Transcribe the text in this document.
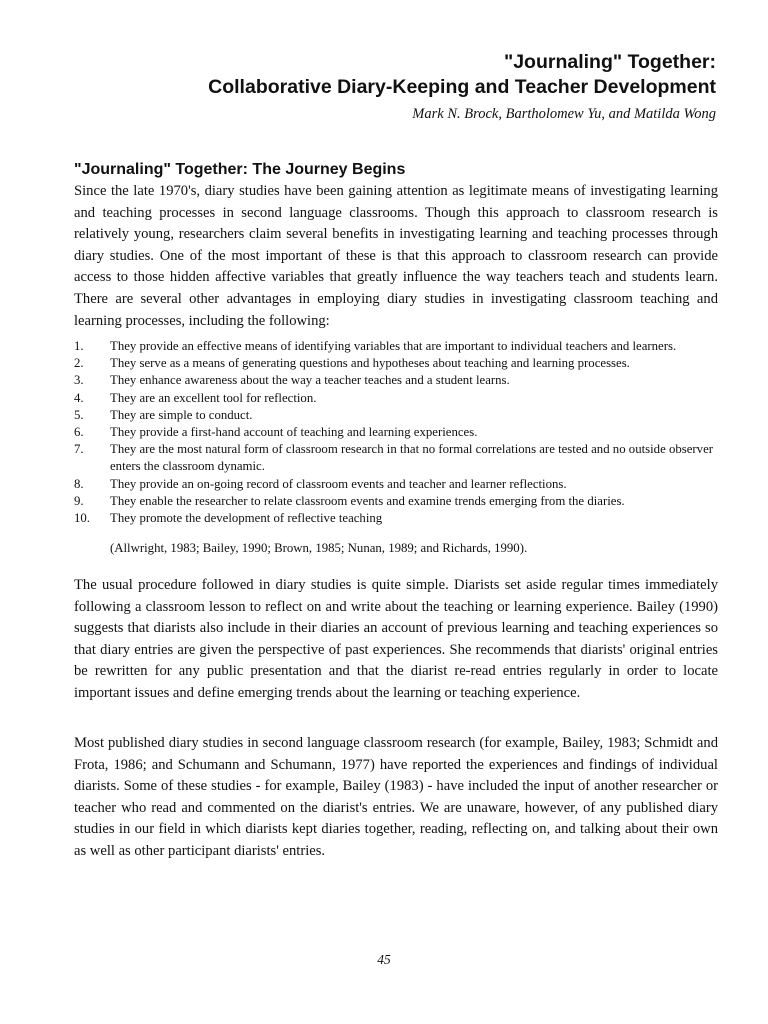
"Journaling" Together:
Collaborative Diary-Keeping and Teacher Development
Mark N. Brock, Bartholomew Yu, and Matilda Wong
"Journaling" Together: The Journey Begins

Since the late 1970's, diary studies have been gaining attention as legitimate means of investigating learning and teaching processes in second language classrooms. Though this approach to classroom research is relatively young, researchers claim several benefits in investigating learning and teaching processes through diary studies. One of the most important of these is that this approach to classroom research can provide access to those hidden affective variables that greatly influence the way teachers teach and students learn. There are several other advantages in employing diary studies in investigating classroom teaching and learning processes, including the following:

1.	They provide an effective means of identifying variables that are important to individual teachers and learners.
2.	They serve as a means of generating questions and hypotheses about teaching and learning processes.
3.	They enhance awareness about the way a teacher teaches and a student learns.
4.	They are an excellent tool for reflection.
5.	They are simple to conduct.
6.	They provide a first-hand account of teaching and learning experiences.
7.	They are the most natural form of classroom research in that no formal correlations are tested and no outside observer enters the classroom dynamic.
8.	They provide an on-going record of classroom events and teacher and learner reflections.
9.	They enable the researcher to relate classroom events and examine trends emerging from the diaries.
10.	They promote the development of reflective teaching
(Allwright, 1983; Bailey, 1990; Brown, 1985; Nunan, 1989; and Richards, 1990).

The usual procedure followed in diary studies is quite simple. Diarists set aside regular times immediately following a classroom lesson to reflect on and write about the teaching or learning experience. Bailey (1990) suggests that diarists also include in their diaries an account of previous learning and teaching experiences so that diary entries are given the perspective of past experiences. She recommends that diarists' original entries be rewritten for any public presentation and that the diarist re-read entries regularly in order to locate important issues and define emerging trends about the learning or teaching experience.

Most published diary studies in second language classroom research (for example, Bailey, 1983; Schmidt and Frota, 1986; and Schumann and Schumann, 1977) have reported the experiences and findings of individual diarists. Some of these studies - for example, Bailey (1983) - have included the input of another researcher or teacher who read and commented on the diarist's entries. We are unaware, however, of any published diary studies in our field in which diarists kept diaries together, reading, reflecting on, and talking about their own as well as other participant diarists' entries.

45
